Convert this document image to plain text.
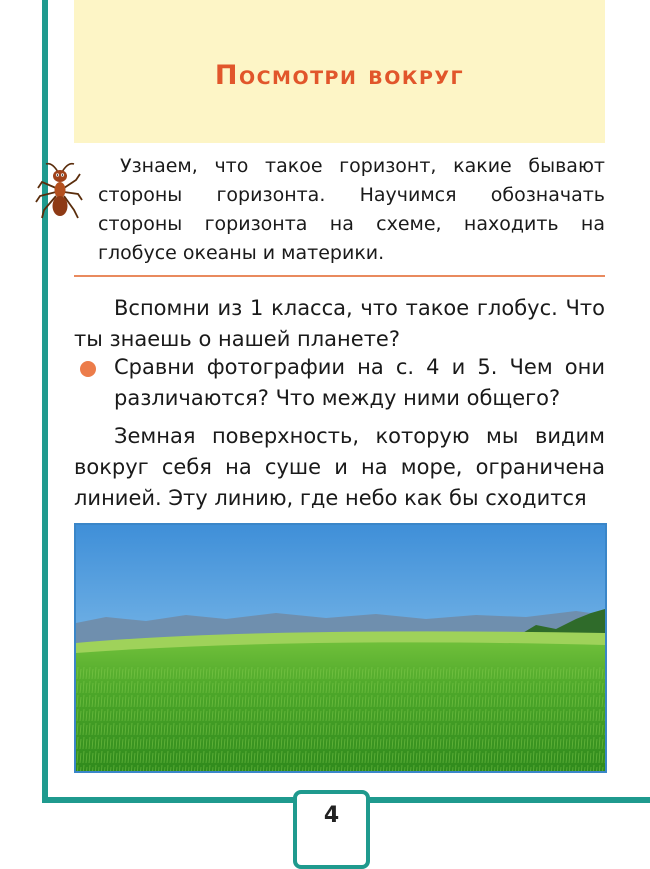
Посмотри вокруг
Узнаем, что такое горизонт, какие бывают стороны горизонта. Научимся обозначать стороны горизонта на схеме, находить на глобусе океаны и материки.
Вспомни из 1 класса, что такое глобус. Что ты знаешь о нашей планете?
Сравни фотографии на с. 4 и 5. Чем они различаются? Что между ними общего?
Земная поверхность, которую мы видим вокруг себя на суше и на море, ограничена линией. Эту линию, где небо как бы сходится
4
